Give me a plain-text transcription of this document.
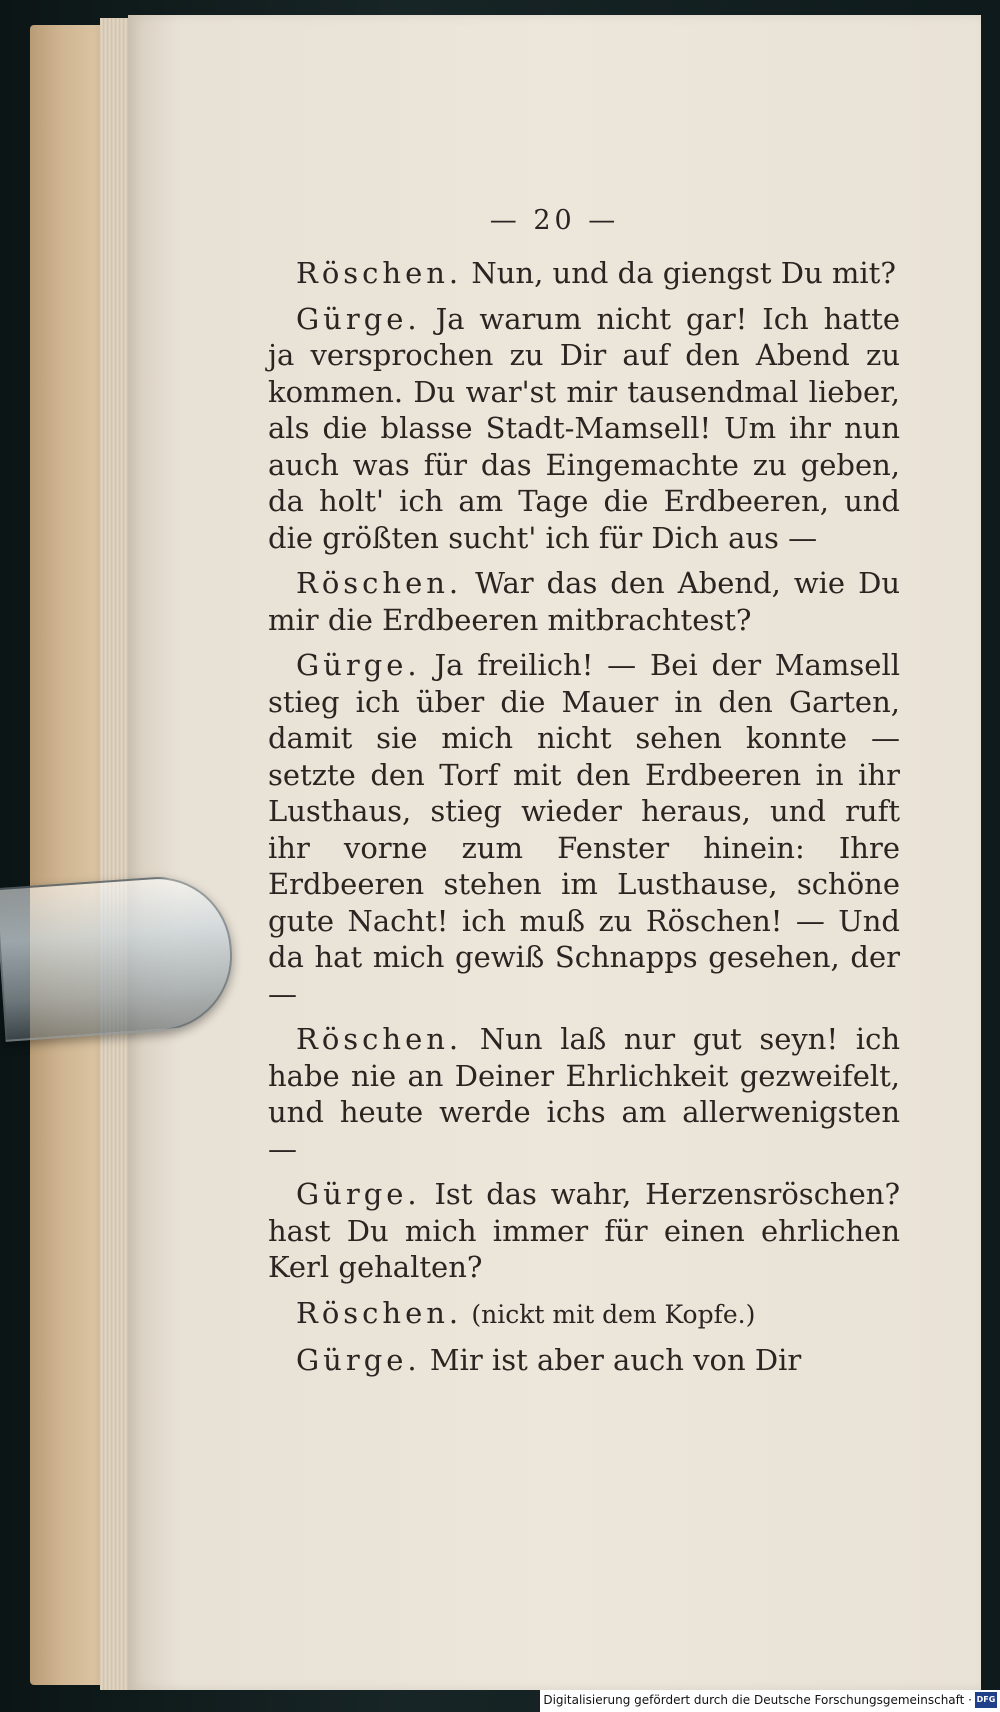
— 20 —

Röschen. Nun, und da giengst Du mit?

Gürge. Ja warum nicht gar! Ich hatte ja versprochen zu Dir auf den Abend zu kommen. Du war'st mir tausendmal lieber, als die blasse Stadt-Mamsell! Um ihr nun auch was für das Eingemachte zu geben, da holt' ich am Tage die Erdbeeren, und die größten sucht' ich für Dich aus —

Röschen. War das den Abend, wie Du mir die Erdbeeren mitbrachtest?

Gürge. Ja freilich! — Bei der Mamsell stieg ich über die Mauer in den Garten, damit sie mich nicht sehen konnte — setzte den Torf mit den Erdbeeren in ihr Lusthaus, stieg wieder heraus, und ruft ihr vorne zum Fenster hinein: Ihre Erdbeeren stehen im Lusthause, schöne gute Nacht! ich muß zu Röschen! — Und da hat mich gewiß Schnapps gesehen, der —

Röschen. Nun laß nur gut seyn! ich habe nie an Deiner Ehrlichkeit gezweifelt, und heute werde ichs am allerwenigsten —

Gürge. Ist das wahr, Herzensröschen? hast Du mich immer für einen ehrlichen Kerl gehalten?

Röschen. (nickt mit dem Kopfe.)

Gürge. Mir ist aber auch von Dir

Digitalisierung gefördert durch die Deutsche Forschungsgemeinschaft · DFG
